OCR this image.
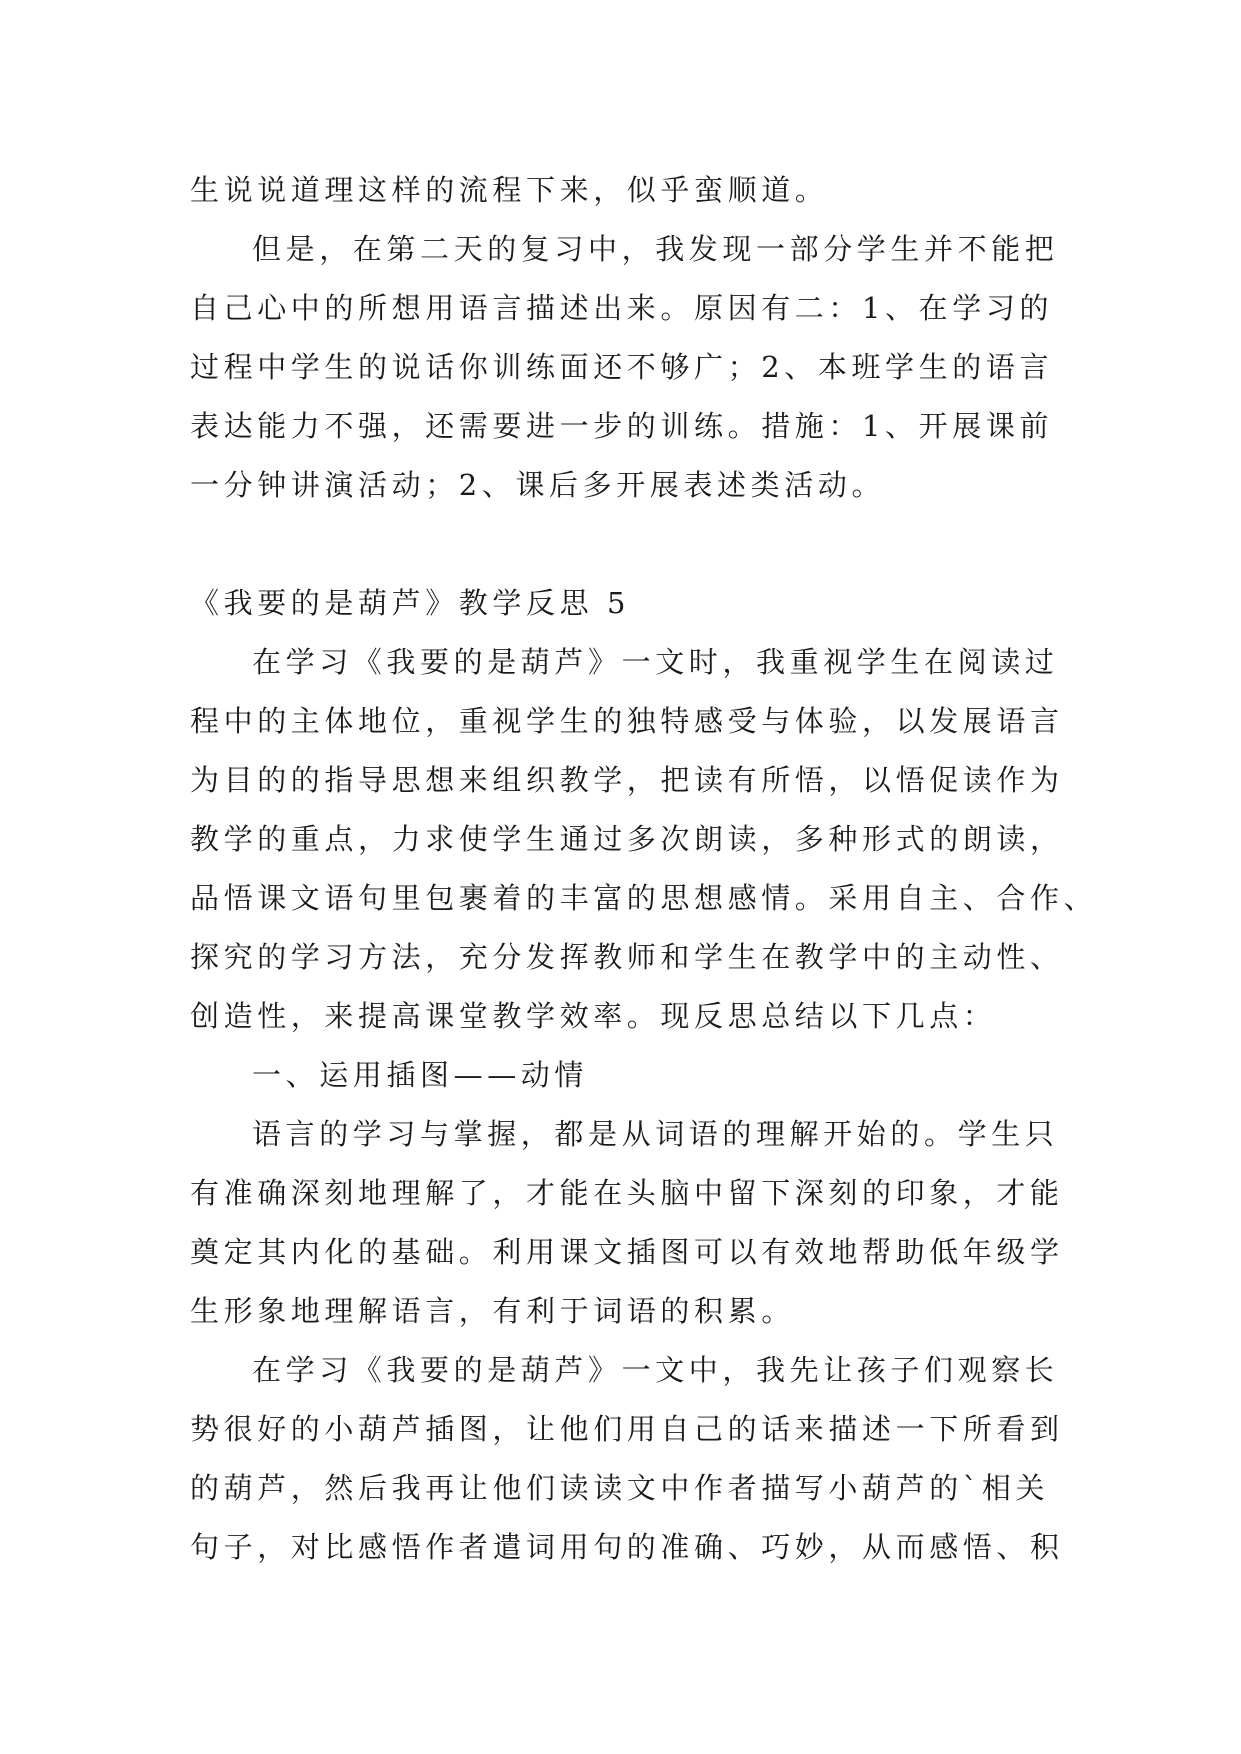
生说说道理这样的流程下来，似乎蛮顺道。
但是，在第二天的复习中，我发现一部分学生并不能把
自己心中的所想用语言描述出来。原因有二：1、在学习的
过程中学生的说话你训练面还不够广；2、本班学生的语言
表达能力不强，还需要进一步的训练。措施：1、开展课前
一分钟讲演活动；2、课后多开展表述类活动。
《我要的是葫芦》教学反思 5
在学习《我要的是葫芦》一文时，我重视学生在阅读过
程中的主体地位，重视学生的独特感受与体验，以发展语言
为目的的指导思想来组织教学，把读有所悟，以悟促读作为
教学的重点，力求使学生通过多次朗读，多种形式的朗读，
品悟课文语句里包裹着的丰富的思想感情。采用自主、合作、
探究的学习方法，充分发挥教师和学生在教学中的主动性、
创造性，来提高课堂教学效率。现反思总结以下几点：
一、运用插图——动情
语言的学习与掌握，都是从词语的理解开始的。学生只
有准确深刻地理解了，才能在头脑中留下深刻的印象，才能
奠定其内化的基础。利用课文插图可以有效地帮助低年级学
生形象地理解语言，有利于词语的积累。
在学习《我要的是葫芦》一文中，我先让孩子们观察长
势很好的小葫芦插图，让他们用自己的话来描述一下所看到
的葫芦，然后我再让他们读读文中作者描写小葫芦的`相关
句子，对比感悟作者遣词用句的准确、巧妙，从而感悟、积
